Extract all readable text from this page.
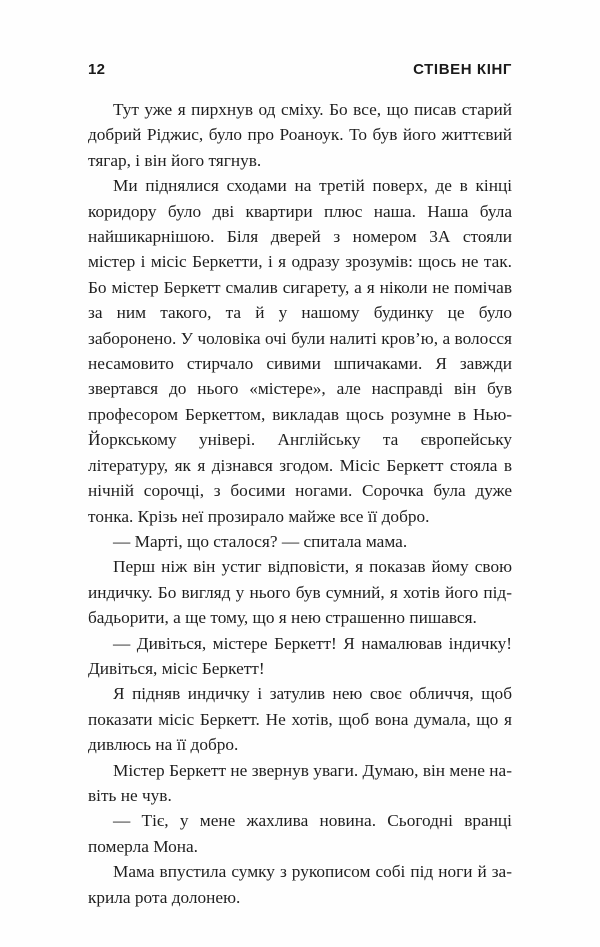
12	СТІВЕН КІНГ

Тут уже я пирхнув од сміху. Бо все, що писав старий добрий Ріджис, було про Роаноук. То був його життєвий тягар, і він його тягнув.

Ми піднялися сходами на третій поверх, де в кінці коридору було дві квартири плюс наша. Наша була найшикарнішою. Біля дверей з номером 3А стояли містер і місіс Беркетти, і я одразу зрозумів: щось не так. Бо містер Беркетт смалив сигарету, а я ніколи не помічав за ним такого, та й у нашому будинку це було заборонено. У чоловіка очі були налиті кров’ю, а волосся несамовито стирчало сивими шпичаками. Я завжди звертався до нього «містере», але насправді він був професором Беркеттом, викладав щось розумне в Нью-Йоркському універі. Англійську та європейську літературу, як я дізнався згодом. Місіс Беркетт стояла в нічній сорочці, з босими ногами. Сорочка була дуже тонка. Крізь неї прозирало майже все її добро.

— Марті, що сталося? — спитала мама.

Перш ніж він устиг відповісти, я показав йому свою индичку. Бо вигляд у нього був сумний, я хотів його підбадьорити, а ще тому, що я нею страшенно пишався.

— Дивіться, містере Беркетт! Я намалював індичку! Дивіться, місіс Беркетт!

Я підняв индичку і затулив нею своє обличчя, щоб показати місіс Беркетт. Не хотів, щоб вона думала, що я дивлюсь на її добро.

Містер Беркетт не звернув уваги. Думаю, він мене навіть не чув.

— Тіє, у мене жахлива новина. Сьогодні вранці померла Мона.

Мама впустила сумку з рукописом собі під ноги й закрила рота долонею.
